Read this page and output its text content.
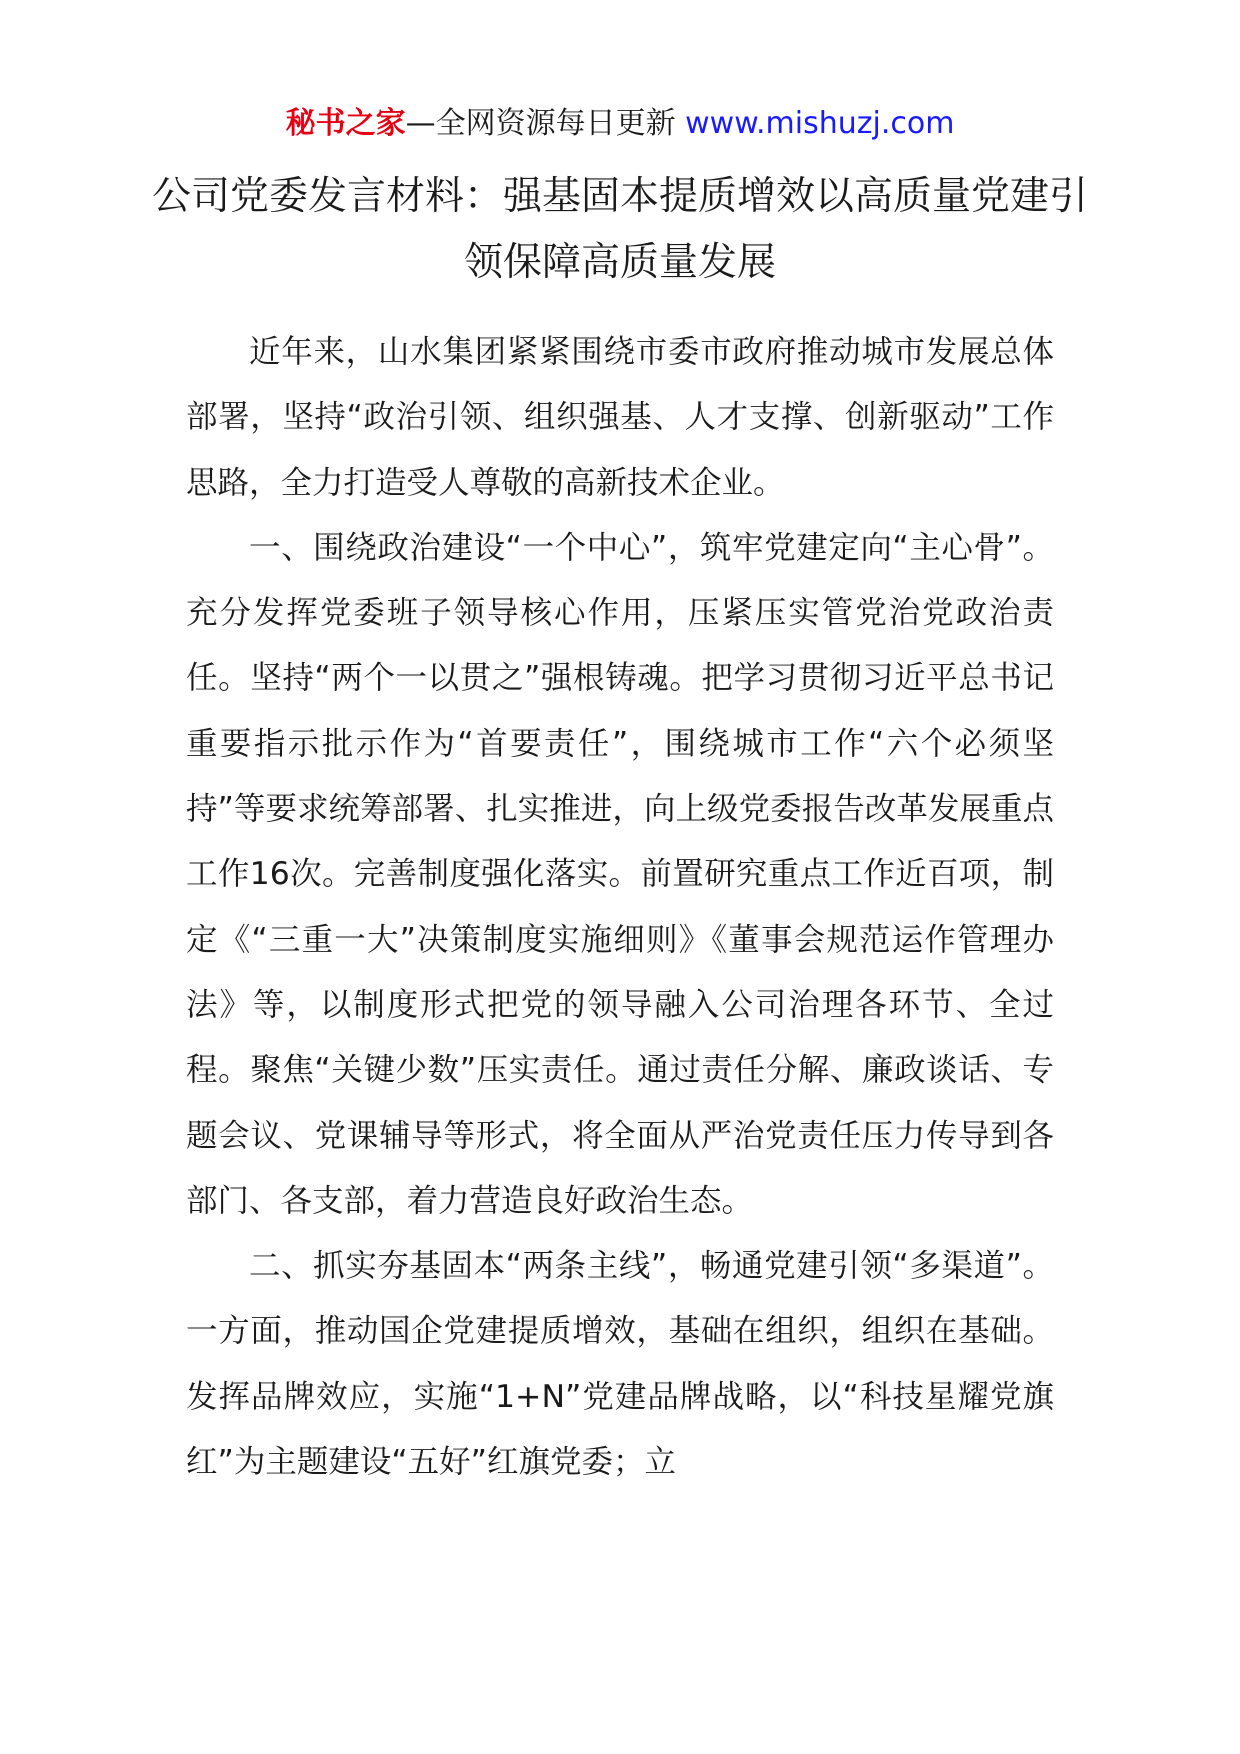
秘书之家—全网资源每日更新 www.mishuzj.com
公司党委发言材料：强基固本提质增效以高质量党建引领保障高质量发展

近年来，山水集团紧紧围绕市委市政府推动城市发展总体部署，坚持“政治引领、组织强基、人才支撑、创新驱动”工作思路，全力打造受人尊敬的高新技术企业。

一、围绕政治建设“一个中心”，筑牢党建定向“主心骨”。充分发挥党委班子领导核心作用，压紧压实管党治党政治责任。坚持“两个一以贯之”强根铸魂。把学习贯彻习近平总书记重要指示批示作为“首要责任”，围绕城市工作“六个必须坚持”等要求统筹部署、扎实推进，向上级党委报告改革发展重点工作16次。完善制度强化落实。前置研究重点工作近百项，制定《“三重一大”决策制度实施细则》《董事会规范运作管理办法》等，以制度形式把党的领导融入公司治理各环节、全过程。聚焦“关键少数”压实责任。通过责任分解、廉政谈话、专题会议、党课辅导等形式，将全面从严治党责任压力传导到各部门、各支部，着力营造良好政治生态。

二、抓实夯基固本“两条主线”，畅通党建引领“多渠道”。一方面，推动国企党建提质增效，基础在组织，组织在基础。发挥品牌效应，实施“1+N”党建品牌战略，以“科技星耀党旗红”为主题建设“五好”红旗党委；立
